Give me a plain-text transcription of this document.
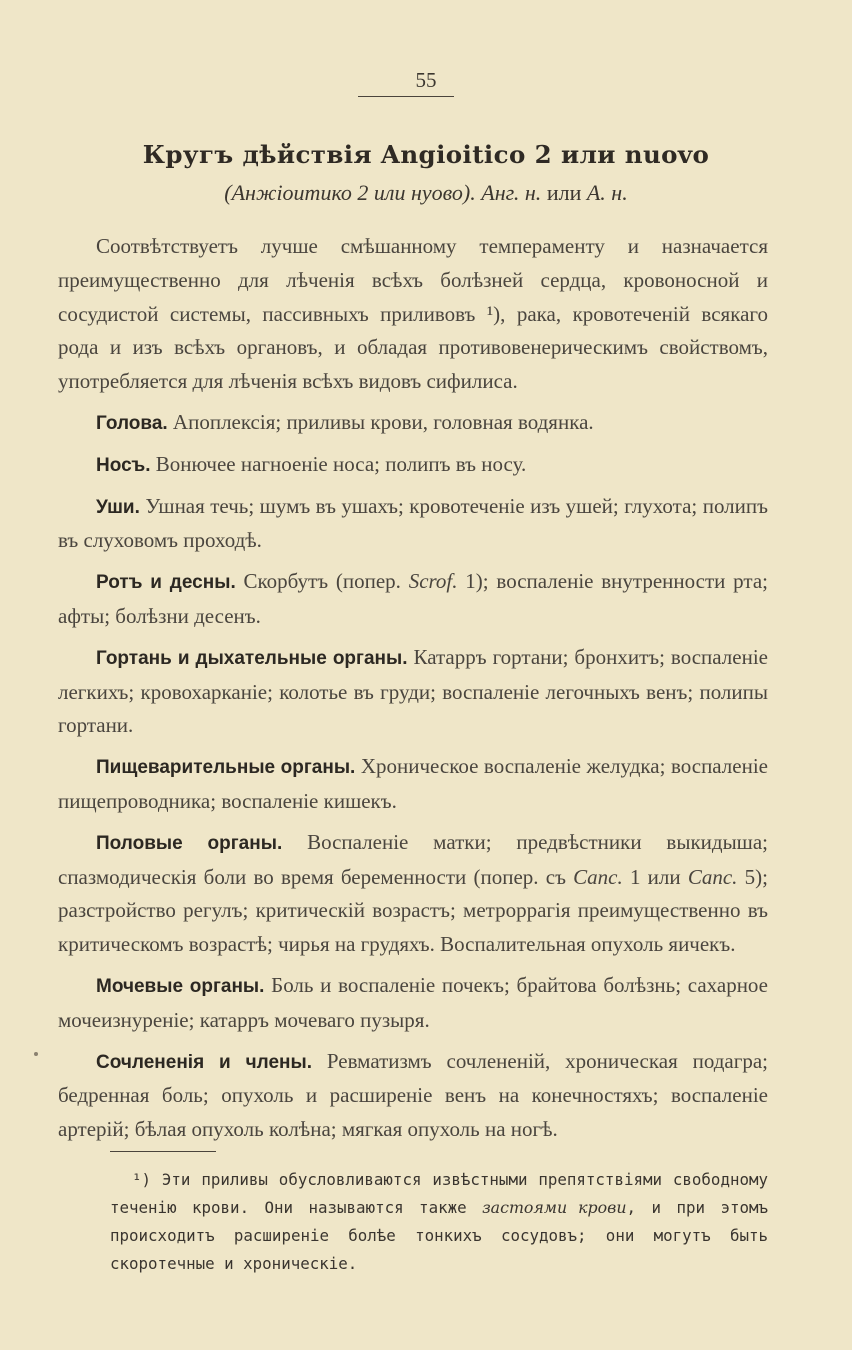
55
Кругъ дѣйствія Angioitico 2 или nuovo
(Анжіоитико 2 или нуово). Анг. н. или А. н.

Соотвѣтствуетъ лучше смѣшанному темпераменту и назначается преимущественно для лѣченія всѣхъ болѣзней сердца, кровоносной и сосудистой системы, пассивныхъ приливовъ ¹), рака, кровотеченій всякаго рода и изъ всѣхъ органовъ, и обладая противовенерическимъ свойствомъ, употребляется для лѣченія всѣхъ видовъ сифилиса.

Голова. Апоплексія; приливы крови, головная водянка.

Носъ. Вонючее нагноеніе носа; полипъ въ носу.

Уши. Ушная течь; шумъ въ ушахъ; кровотеченіе изъ ушей; глухота; полипъ въ слуховомъ проходѣ.

Ротъ и десны. Скорбутъ (попер. Scrof. 1); воспаленіе внутренности рта; афты; болѣзни десенъ.

Гортань и дыхательные органы. Катарръ гортани; бронхитъ; воспаленіе легкихъ; кровохарканіе; колотье въ груди; воспаленіе легочныхъ венъ; полипы гортани.

Пищеварительные органы. Хроническое воспаленіе желудка; воспаленіе пищепроводника; воспаленіе кишекъ.

Половые органы. Воспаленіе матки; предвѣстники выкидыша; спазмодическія боли во время беременности (попер. съ Canc. 1 или Canc. 5); разстройство регулъ; критическій возрастъ; метроррагія преимущественно въ критическомъ возрастѣ; чирья на грудяхъ. Воспалительная опухоль яичекъ.

Мочевые органы. Боль и воспаленіе почекъ; брайтова болѣзнь; сахарное мочеизнуреніе; катарръ мочеваго пузыря.

Сочлененія и члены. Ревматизмъ сочлененій, хроническая подагра; бедренная боль; опухоль и расширеніе венъ на конечностяхъ; воспаленіе артерій; бѣлая опухоль колѣна; мягкая опухоль на ногѣ.

¹) Эти приливы обусловливаются извѣстными препятствіями свободному теченію крови. Они называются также застоями крови, и при этомъ происходитъ расширеніе болѣе тонкихъ сосудовъ; они могутъ быть скоротечные и хроническіе.
